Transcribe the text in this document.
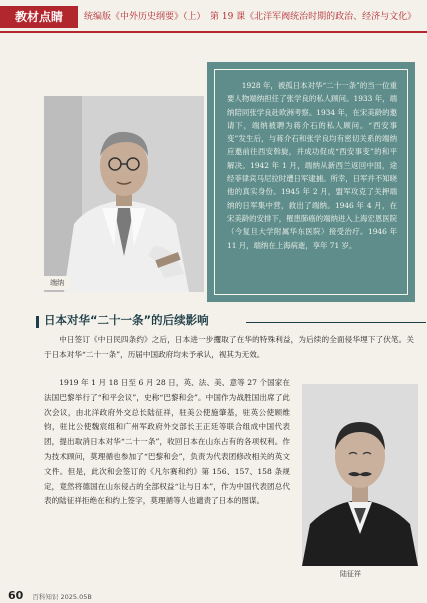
教材点睛	统编版《中外历史纲要》（上）　第 19 课《北洋军阀统治时期的政治、经济与文化》
端纳
1928 年，被孤日本对华“二十一条”的当一位重要人物端纳担任了张学良的私人顾问。1933 年，端纳陪同张学良赴欧洲考察。1934 年，在宋美龄的邀请下，端纳被聘为蒋介石的私人顾问。“西安事变”发生后，与蒋介石和张学良均有密切关系的端纳应邀前往西安斡旋，并成功促成“西安事变”的和平解决。1942 年 1 月，端纳从新西兰返回中国，途经菲律宾马尼拉时遭日军逮捕。所幸，日军并不知晓他的真实身份。1945 年 2 月，盟军攻克了关押端纳的日军集中营，救出了端纳。1946 年 4 月，在宋美龄的安排下，罹患肺癌的端纳进入上海宏恩医院（今复旦大学附属华东医院）接受治疗。1946 年 11 月，端纳在上海病逝，享年 71 岁。
日本对华“二十一条”的后续影响
中日签订《中日民四条约》之后，日本进一步攫取了在华的特殊利益，为后续的全面侵华埋下了伏笔。关于日本对华“二十一条”，历届中国政府均未予承认，视其为无效。
1919 年 1 月 18 日至 6 月 28 日，英、法、美、意等 27 个国家在法国巴黎举行了“和平会议”，史称“巴黎和会”。中国作为战胜国出席了此次会议，由北洋政府外交总长陆征祥，驻美公使施肇基，驻英公使顾维钧，驻比公使魏宸组和广州军政府外交部长王正廷等联合组成中国代表团，提出取消日本对华“二十一条”，收回日本在山东占有的各项权利。作为技术顾问，莫理循也参加了“巴黎和会”，负责为代表团修改相关的英文文件。但是，此次和会签订的《凡尔赛和约》第 156、157、158 条规定，竟然将德国在山东侵占的全部权益“让与日本”，作为中国代表团总代表的陆征祥拒绝在和约上签字，莫理循等人也谴责了日本的图谋。
陆征祥
60 百科知识 2025.05B
